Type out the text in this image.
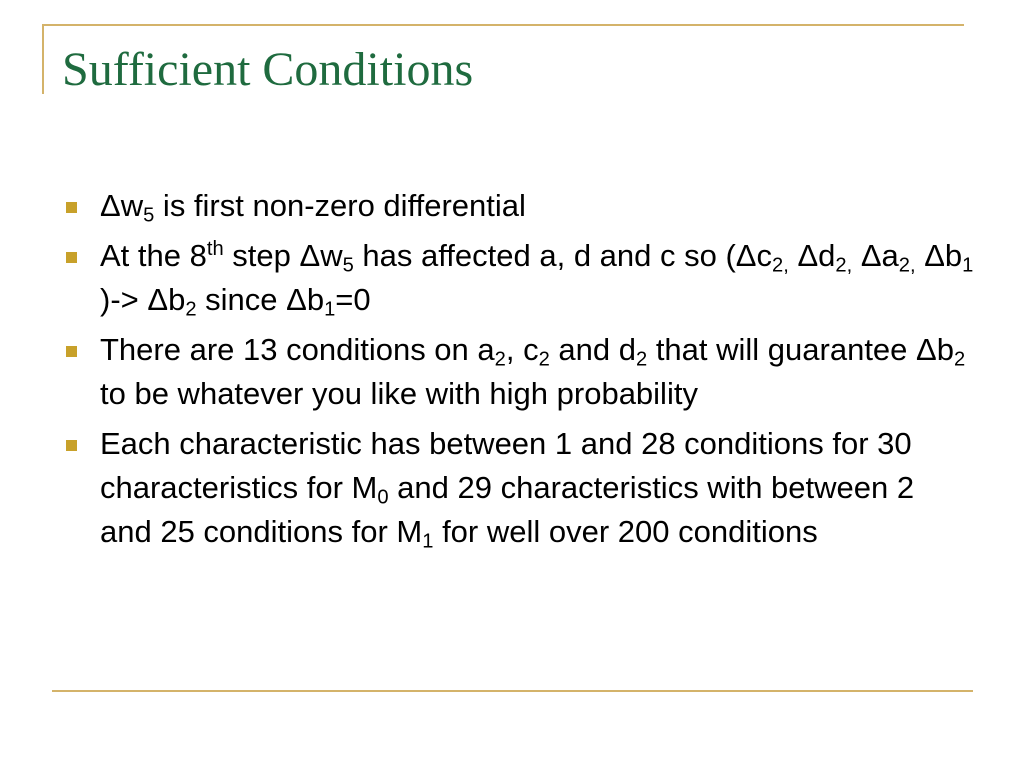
Sufficient Conditions
$\Delta w_5$ is first non-zero differential
At the 8th step $\Delta w_5$ has affected a, d and c so ($\Delta c_{2,}$ $\Delta d_{2,}$ $\Delta a_{2,}$ $\Delta b_1$ )-> $\Delta b_2$ since $\Delta b_1=0$
There are 13 conditions on $a_2$, $c_2$ and $d_2$ that will guarantee $\Delta b_2$ to be whatever you like with high probability
Each characteristic has between 1 and 28 conditions for 30 characteristics for $M_0$ and 29 characteristics with between 2 and 25 conditions for $M_1$ for well over 200 conditions
